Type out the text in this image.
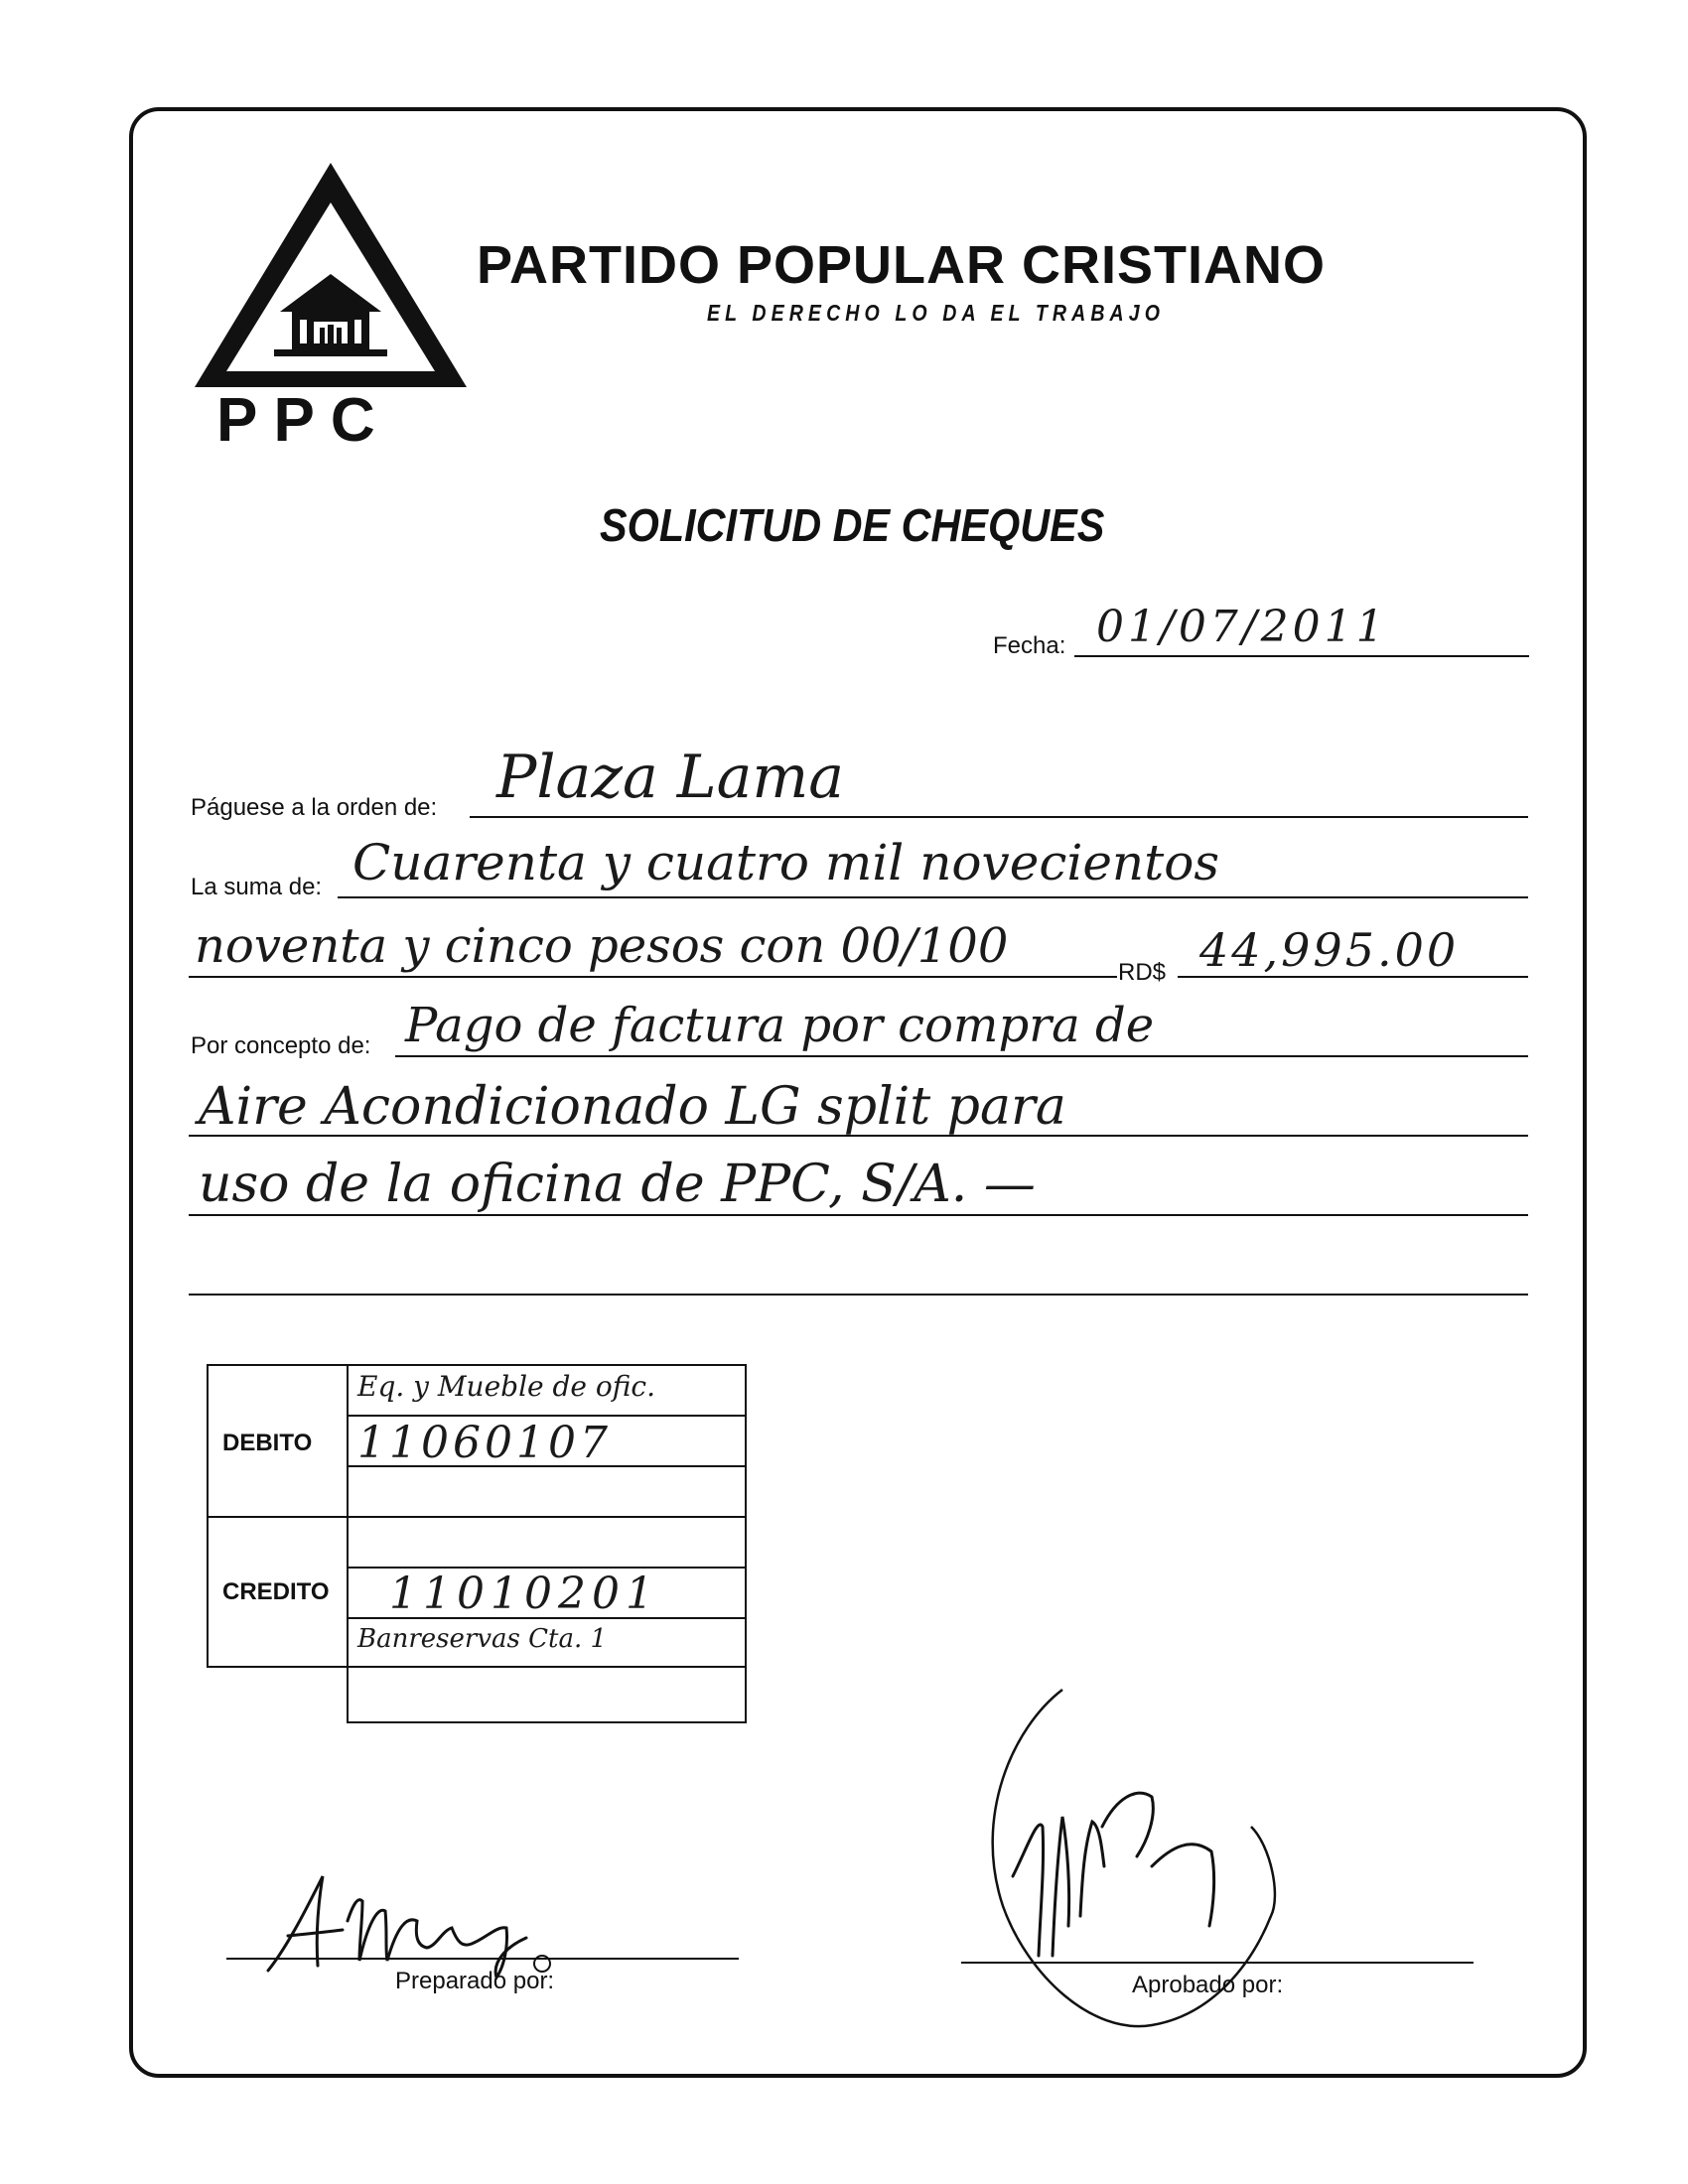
P P C
PARTIDO POPULAR CRISTIANO
EL DERECHO LO DA EL TRABAJO
SOLICITUD DE CHEQUES
Fecha: 01/07/2011
Páguese a la orden de: Plaza Lama
La suma de: Cuarenta y cuatro mil novecientos
noventa y cinco pesos con 00/100	RD$ 44,995.00
Por concepto de: Pago de factura por compra de
Aire Acondicionado LG split para
uso de la oficina de PPC, S/A. —
DEBITO
CREDITO
Eq. y Mueble de ofic.
11060107
11010201
Banreservas Cta. 1
Preparado por:	Aprobado por:
